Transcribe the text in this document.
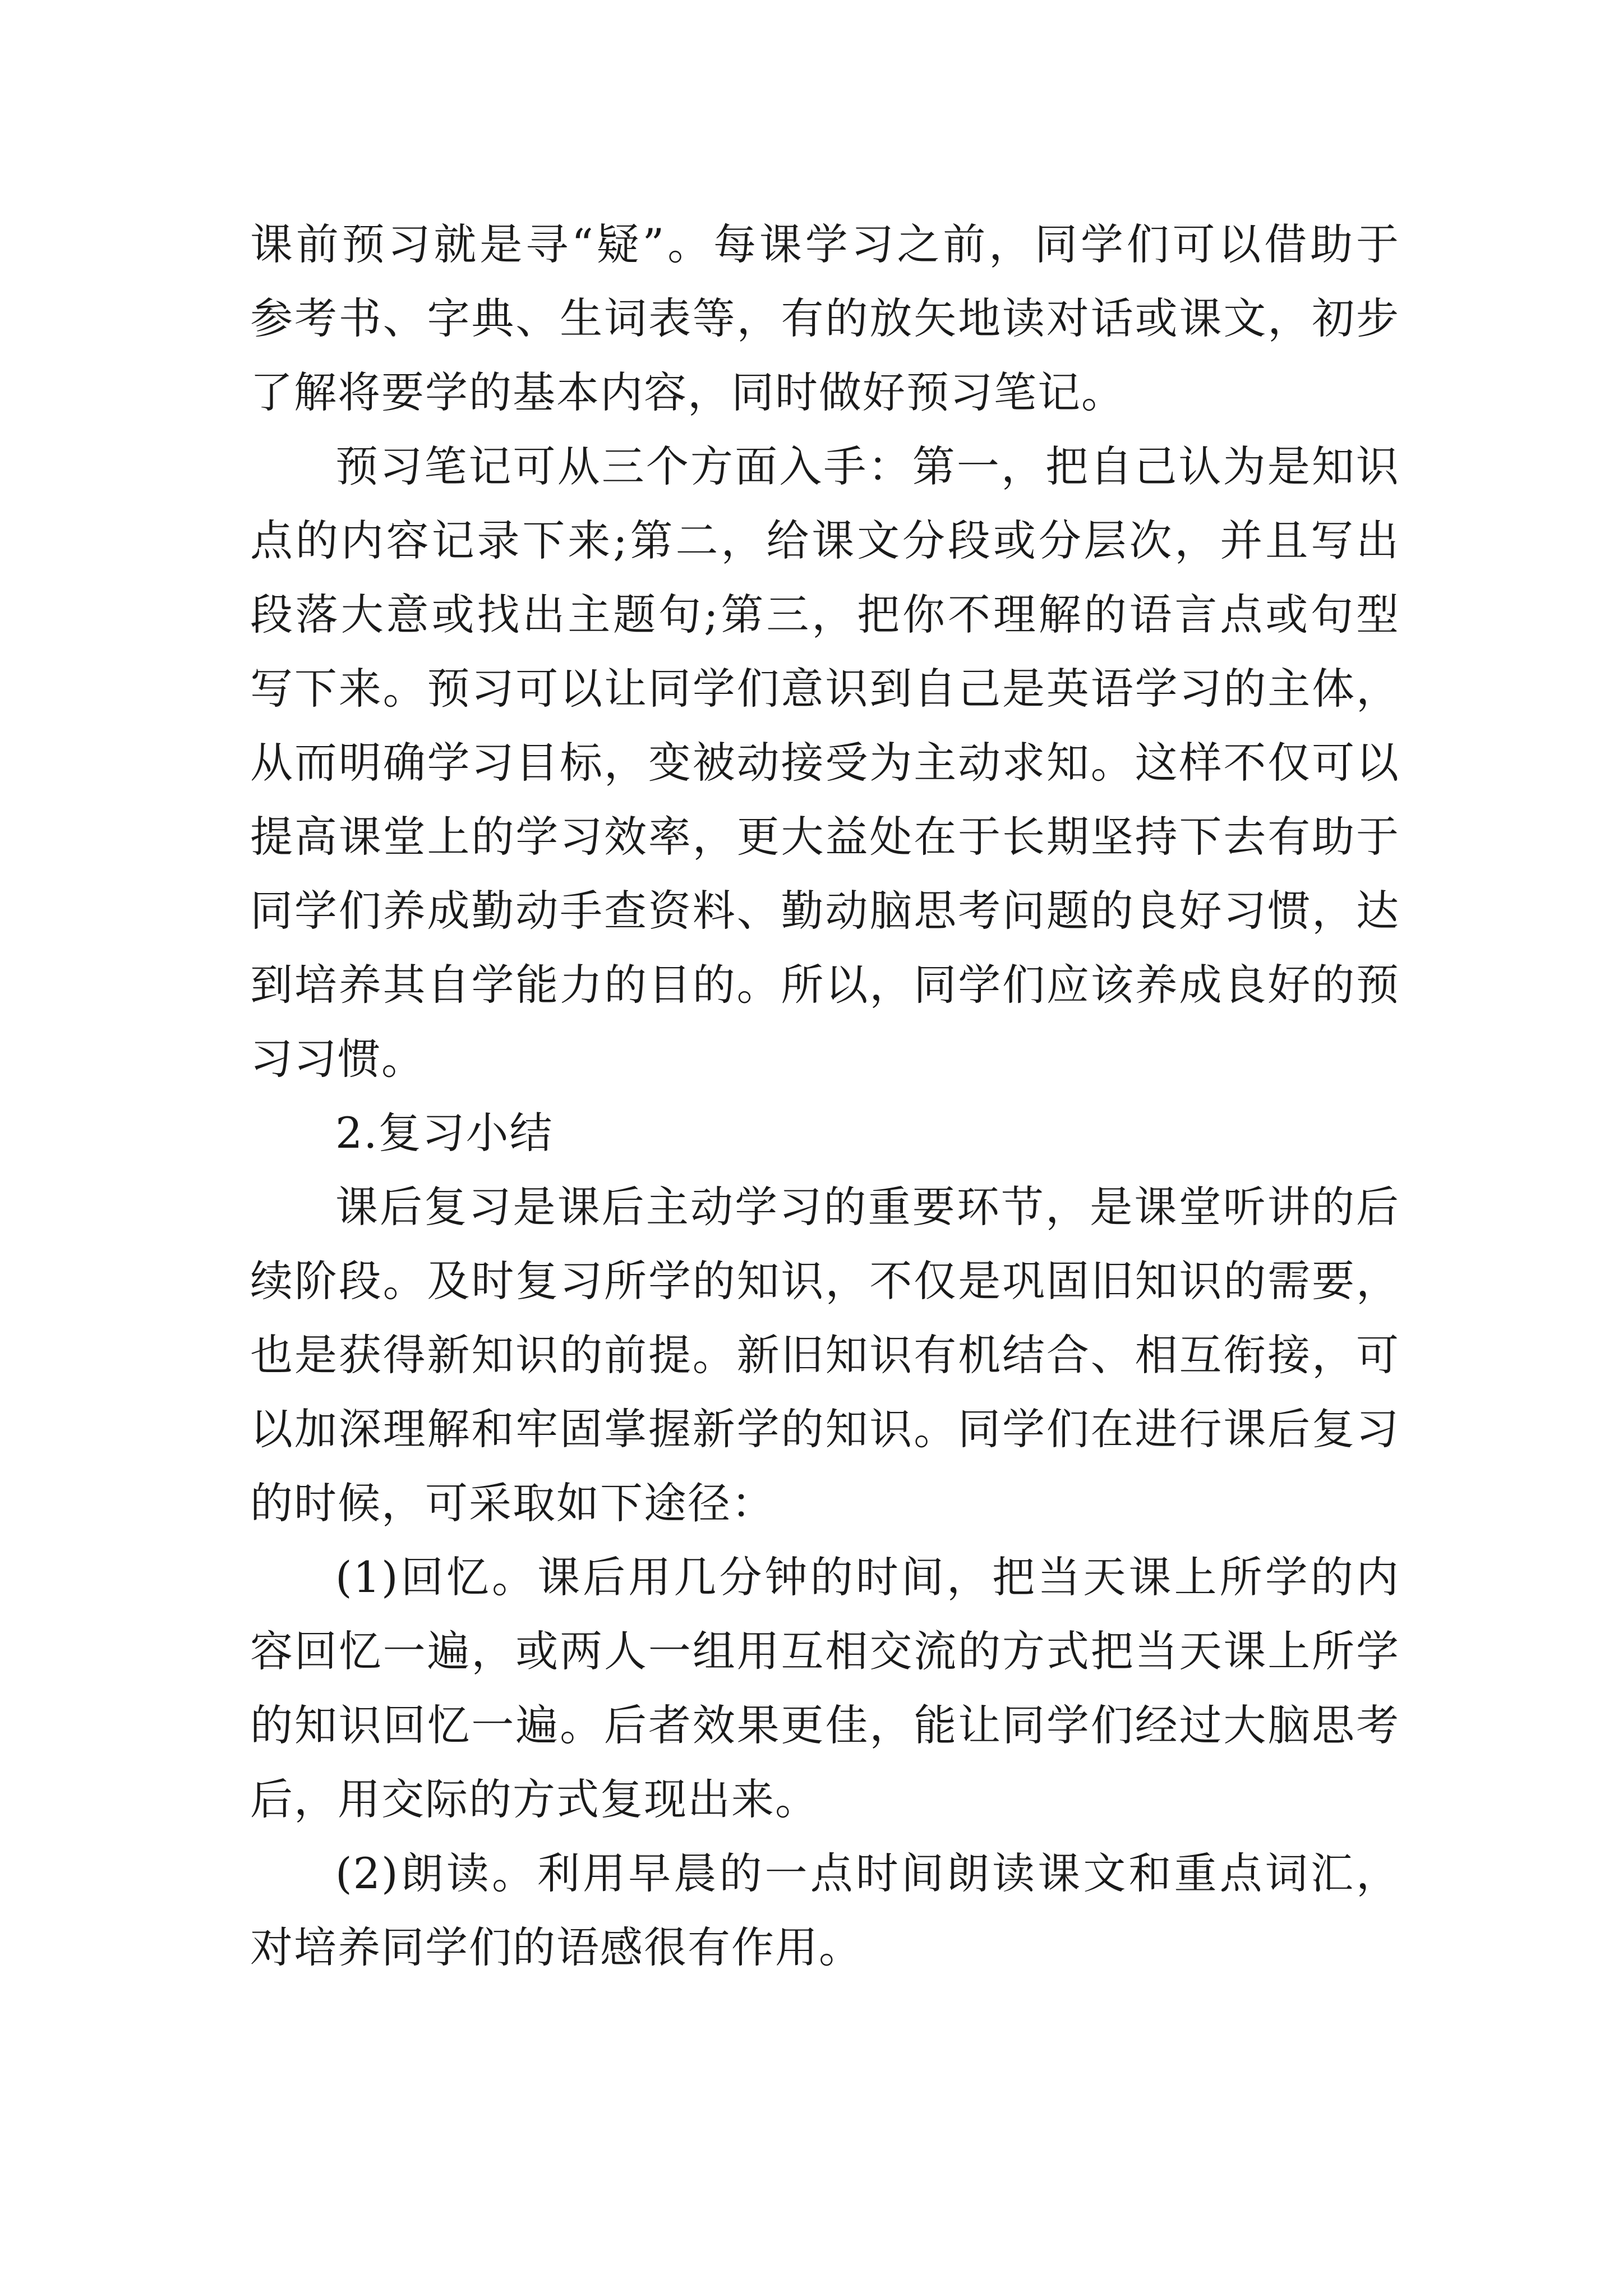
课前预习就是寻“疑”。每课学习之前，同学们可以借助于
参考书、字典、生词表等，有的放矢地读对话或课文，初步
了解将要学的基本内容，同时做好预习笔记。

预习笔记可从三个方面入手：第一，把自己认为是知识
点的内容记录下来;第二，给课文分段或分层次，并且写出
段落大意或找出主题句;第三，把你不理解的语言点或句型
写下来。预习可以让同学们意识到自己是英语学习的主体，
从而明确学习目标，变被动接受为主动求知。这样不仅可以
提高课堂上的学习效率，更大益处在于长期坚持下去有助于
同学们养成勤动手查资料、勤动脑思考问题的良好习惯，达
到培养其自学能力的目的。所以，同学们应该养成良好的预
习习惯。

2.复习小结

课后复习是课后主动学习的重要环节，是课堂听讲的后
续阶段。及时复习所学的知识，不仅是巩固旧知识的需要，
也是获得新知识的前提。新旧知识有机结合、相互衔接，可
以加深理解和牢固掌握新学的知识。同学们在进行课后复习
的时候，可采取如下途径：

(1)回忆。课后用几分钟的时间，把当天课上所学的内
容回忆一遍，或两人一组用互相交流的方式把当天课上所学
的知识回忆一遍。后者效果更佳，能让同学们经过大脑思考
后，用交际的方式复现出来。

(2)朗读。利用早晨的一点时间朗读课文和重点词汇，
对培养同学们的语感很有作用。
